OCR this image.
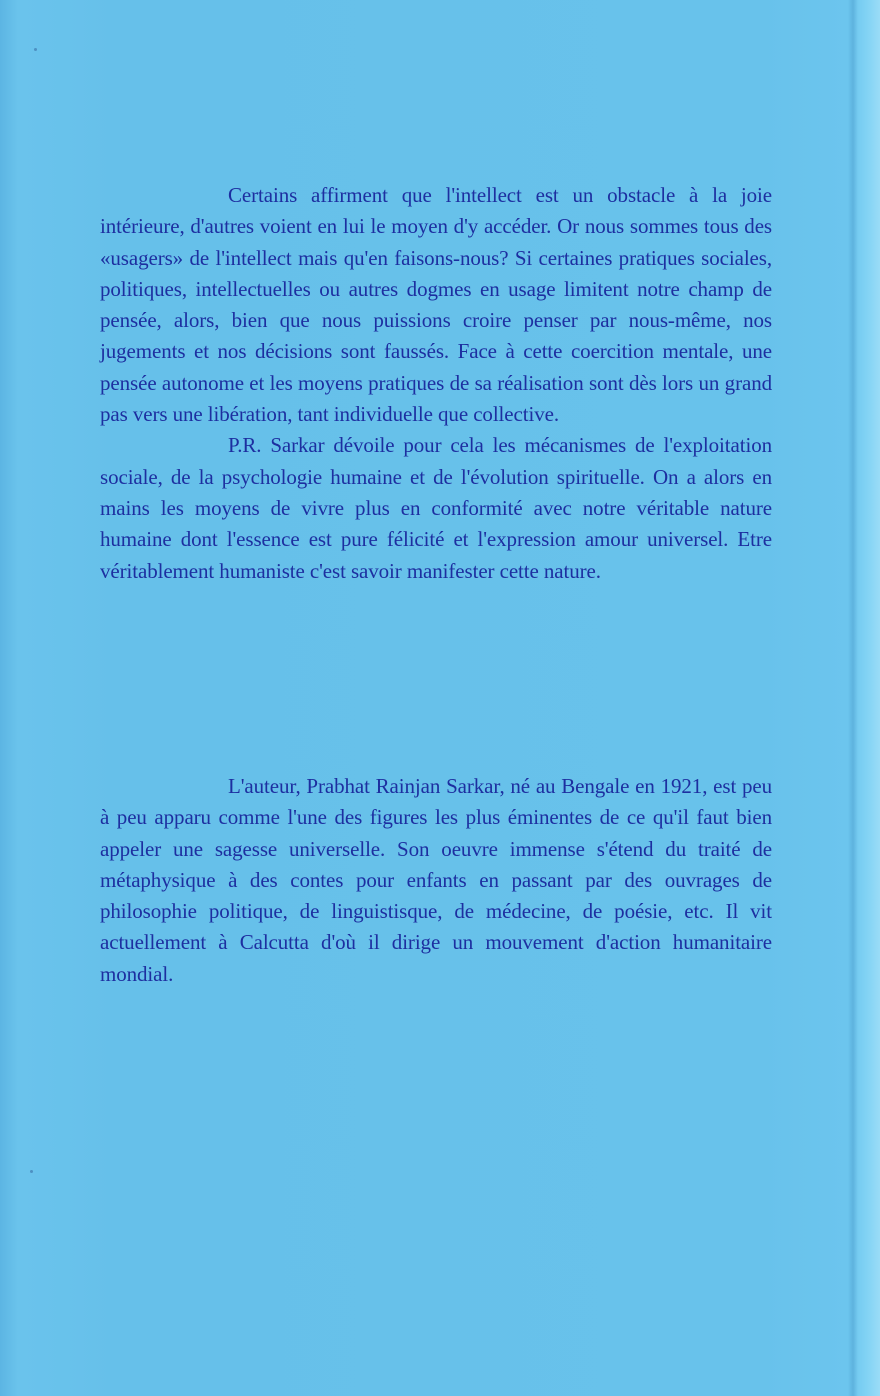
Certains affirment que l'intellect est un obstacle à la joie intérieure, d'autres voient en lui le moyen d'y accéder. Or nous sommes tous des «usagers» de l'intellect mais qu'en faisons-nous? Si certaines pratiques sociales, politiques, intellectuelles ou autres dogmes en usage limitent notre champ de pensée, alors, bien que nous puissions croire penser par nous-même, nos jugements et nos décisions sont faussés. Face à cette coercition mentale, une pensée autonome et les moyens pratiques de sa réalisation sont dès lors un grand pas vers une libération, tant individuelle que collective.

P.R. Sarkar dévoile pour cela les mécanismes de l'exploitation sociale, de la psychologie humaine et de l'évolution spirituelle. On a alors en mains les moyens de vivre plus en conformité avec notre véritable nature humaine dont l'essence est pure félicité et l'expression amour universel. Etre véritablement humaniste c'est savoir manifester cette nature.

L'auteur, Prabhat Rainjan Sarkar, né au Bengale en 1921, est peu à peu apparu comme l'une des figures les plus éminentes de ce qu'il faut bien appeler une sagesse universelle. Son oeuvre immense s'étend du traité de métaphysique à des contes pour enfants en passant par des ouvrages de philosophie politique, de linguistisque, de médecine, de poésie, etc. Il vit actuellement à Calcutta d'où il dirige un mouvement d'action humanitaire mondial.
